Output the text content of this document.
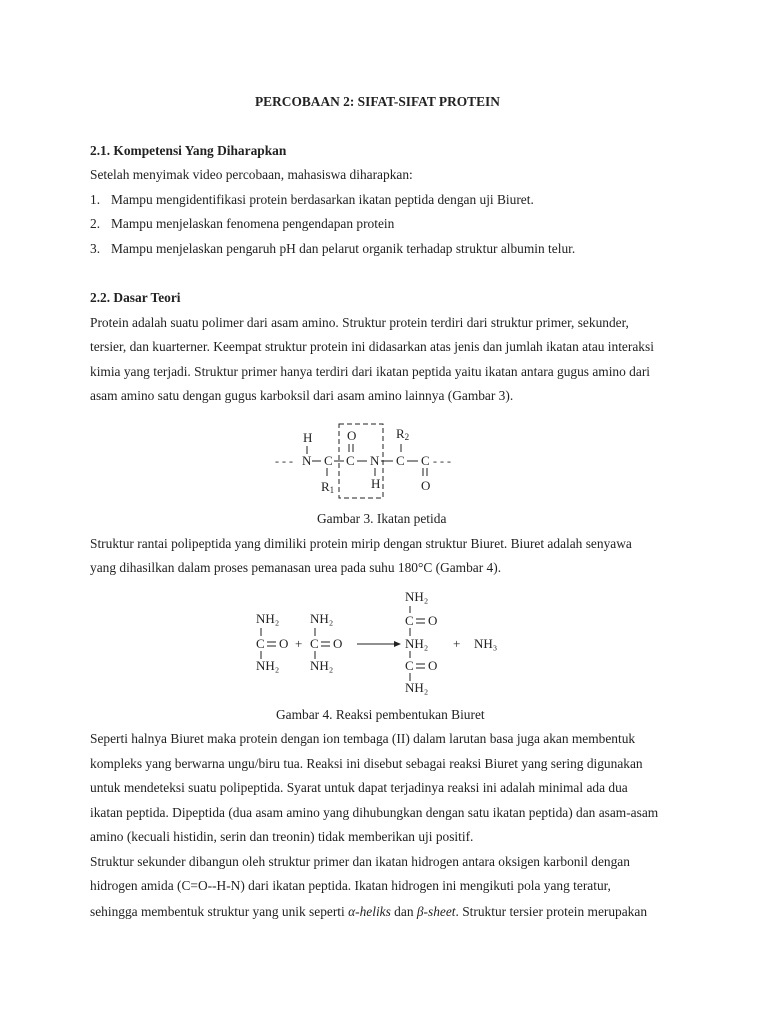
PERCOBAAN 2: SIFAT-SIFAT PROTEIN
2.1. Kompetensi Yang Diharapkan
Setelah menyimak video percobaan, mahasiswa diharapkan:
1. Mampu mengidentifikasi protein berdasarkan ikatan peptida dengan uji Biuret.
2. Mampu menjelaskan fenomena pengendapan protein
3. Mampu menjelaskan pengaruh pH dan pelarut organik terhadap struktur albumin telur.
2.2. Dasar Teori
Protein adalah suatu polimer dari asam amino. Struktur protein terdiri dari struktur primer, sekunder,
tersier, dan kuarterner. Keempat struktur protein ini didasarkan atas jenis dan jumlah ikatan atau interaksi
kimia yang terjadi. Struktur primer hanya terdiri dari ikatan peptida yaitu ikatan antara gugus amino dari
asam amino satu dengan gugus karboksil dari asam amino lainnya (Gambar 3).
H	O	R2
- - - N C C N C C - - -
R1	H	O
Gambar 3. Ikatan petida
Struktur rantai polipeptida yang dimiliki protein mirip dengan struktur Biuret. Biuret adalah senyawa
yang dihasilkan dalam proses pemanasan urea pada suhu 180°C (Gambar 4).
NH₂
C O
NH₂
+
NH₂
C O
NH₂
NH₂
C O
NH₂
C O
NH₂
+ NH₃
Gambar 4. Reaksi pembentukan Biuret
Seperti halnya Biuret maka protein dengan ion tembaga (II) dalam larutan basa juga akan membentuk
kompleks yang berwarna ungu/biru tua. Reaksi ini disebut sebagai reaksi Biuret yang sering digunakan
untuk mendeteksi suatu polipeptida. Syarat untuk dapat terjadinya reaksi ini adalah minimal ada dua
ikatan peptida. Dipeptida (dua asam amino yang dihubungkan dengan satu ikatan peptida) dan asam-asam
amino (kecuali histidin, serin dan treonin) tidak memberikan uji positif.
Struktur sekunder dibangun oleh struktur primer dan ikatan hidrogen antara oksigen karbonil dengan
hidrogen amida (C=O--H-N) dari ikatan peptida. Ikatan hidrogen ini mengikuti pola yang teratur,
sehingga membentuk struktur yang unik seperti α-heliks dan β-sheet. Struktur tersier protein merupakan
